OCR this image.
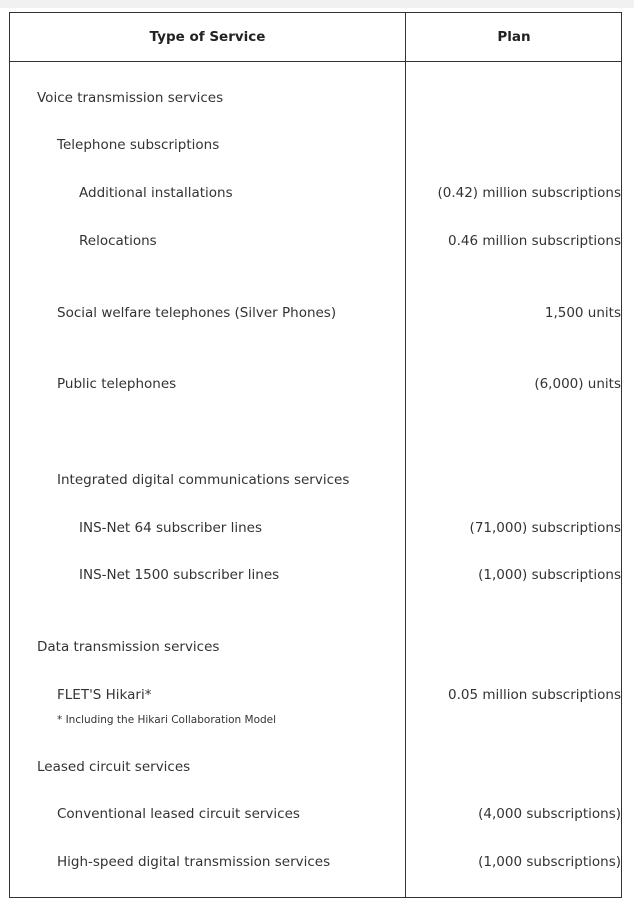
Type of Service	Plan
Voice transmission services
Telephone subscriptions
Additional installations	(0.42) million subscriptions
Relocations	0.46 million subscriptions
Social welfare telephones (Silver Phones)	1,500 units
Public telephones	(6,000) units
Integrated digital communications services
INS-Net 64 subscriber lines	(71,000) subscriptions
INS-Net 1500 subscriber lines	(1,000) subscriptions
Data transmission services
FLET'S Hikari*	0.05 million subscriptions
* Including the Hikari Collaboration Model
Leased circuit services
Conventional leased circuit services	(4,000 subscriptions)
High-speed digital transmission services	(1,000 subscriptions)
